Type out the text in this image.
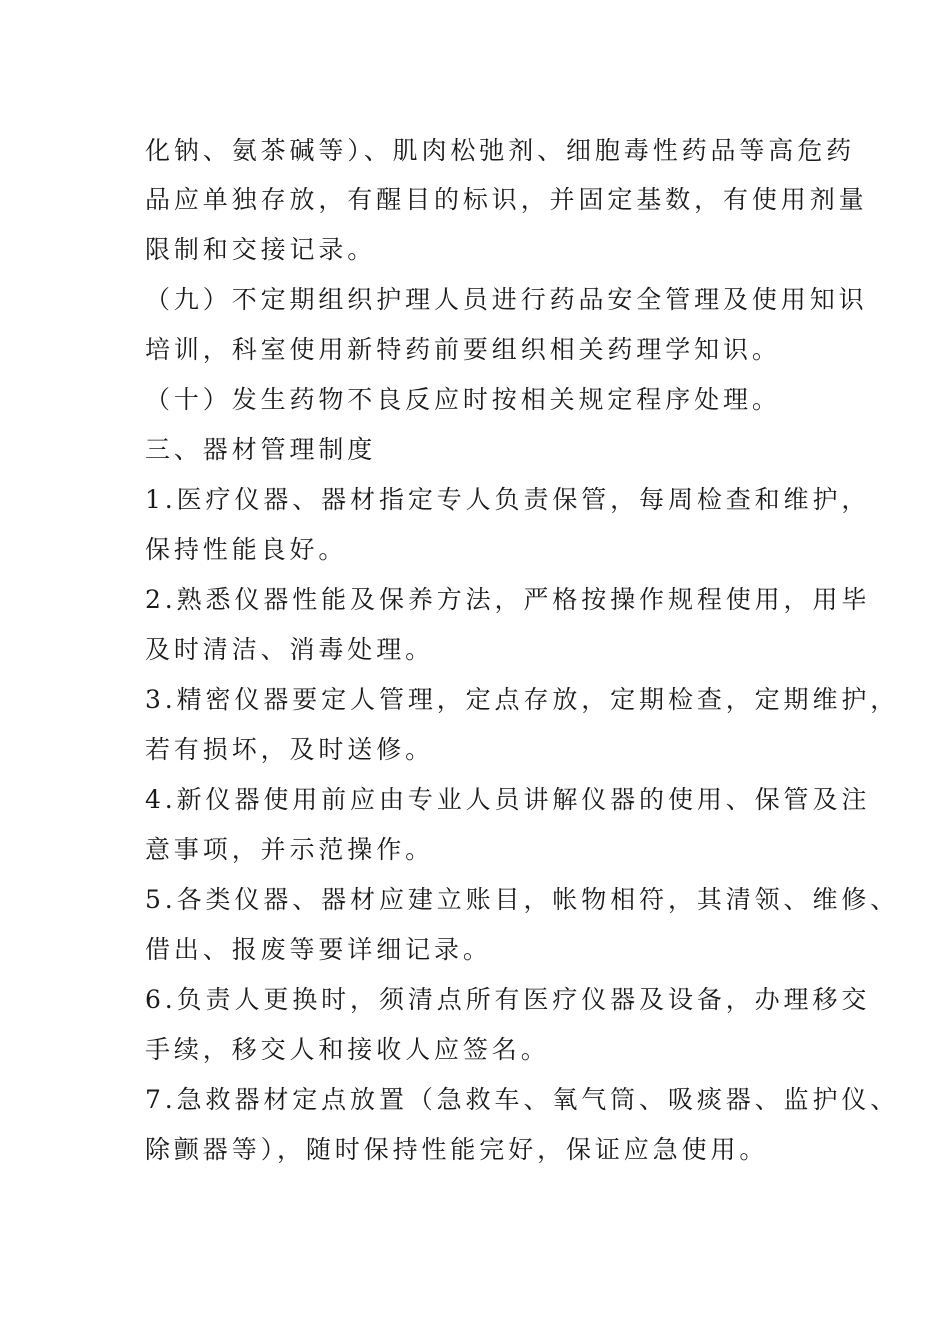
化钠、氨茶碱等）、肌肉松弛剂、细胞毒性药品等高危药
品应单独存放，有醒目的标识，并固定基数，有使用剂量
限制和交接记录。
（九）不定期组织护理人员进行药品安全管理及使用知识
培训，科室使用新特药前要组织相关药理学知识。
（十）发生药物不良反应时按相关规定程序处理。
三、器材管理制度
1.医疗仪器、器材指定专人负责保管，每周检查和维护，
保持性能良好。
2.熟悉仪器性能及保养方法，严格按操作规程使用，用毕
及时清洁、消毒处理。
3.精密仪器要定人管理，定点存放，定期检查，定期维护，
若有损坏，及时送修。
4.新仪器使用前应由专业人员讲解仪器的使用、保管及注
意事项，并示范操作。
5.各类仪器、器材应建立账目，帐物相符，其清领、维修、
借出、报废等要详细记录。
6.负责人更换时，须清点所有医疗仪器及设备，办理移交
手续，移交人和接收人应签名。
7.急救器材定点放置（急救车、氧气筒、吸痰器、监护仪、
除颤器等），随时保持性能完好，保证应急使用。
